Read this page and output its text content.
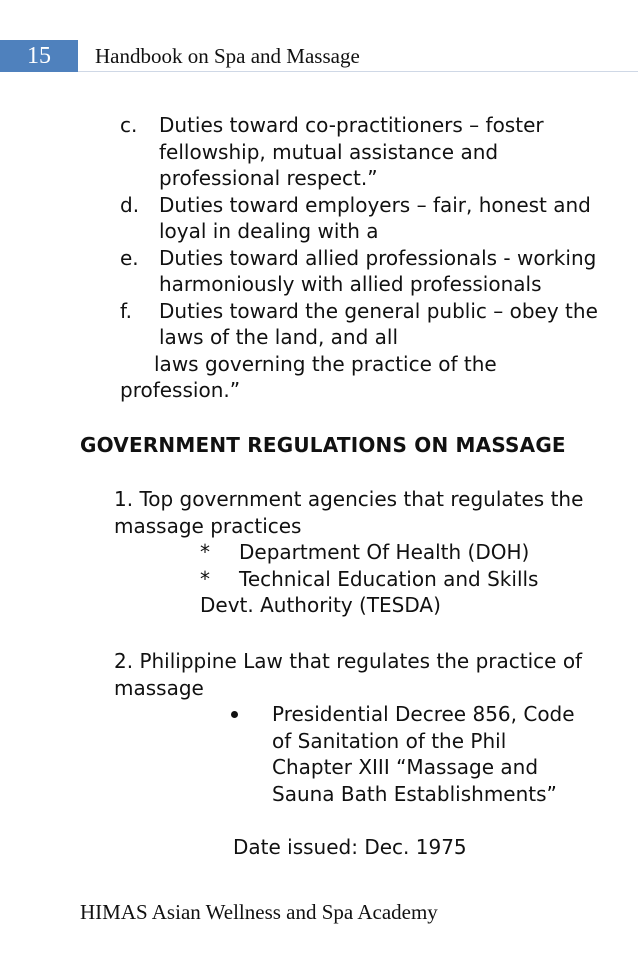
15	Handbook on Spa and Massage
c. Duties toward co-practitioners – foster
fellowship, mutual assistance and
professional respect.”
d. Duties toward employers – fair, honest and
loyal in dealing with a
e. Duties toward allied professionals - working
harmoniously with allied professionals
f. Duties toward the general public – obey the
laws of the land, and all
laws governing the practice of the
profession.”
GOVERNMENT REGULATIONS ON MASSAGE
1. Top government agencies that regulates the
massage practices
* Department Of Health (DOH)
* Technical Education and Skills
Devt. Authority (TESDA)
2. Philippine Law that regulates the practice of
massage
Presidential Decree 856, Code
of Sanitation of the Phil
Chapter XIII “Massage and
Sauna Bath Establishments”
Date issued: Dec. 1975
HIMAS Asian Wellness and Spa Academy
